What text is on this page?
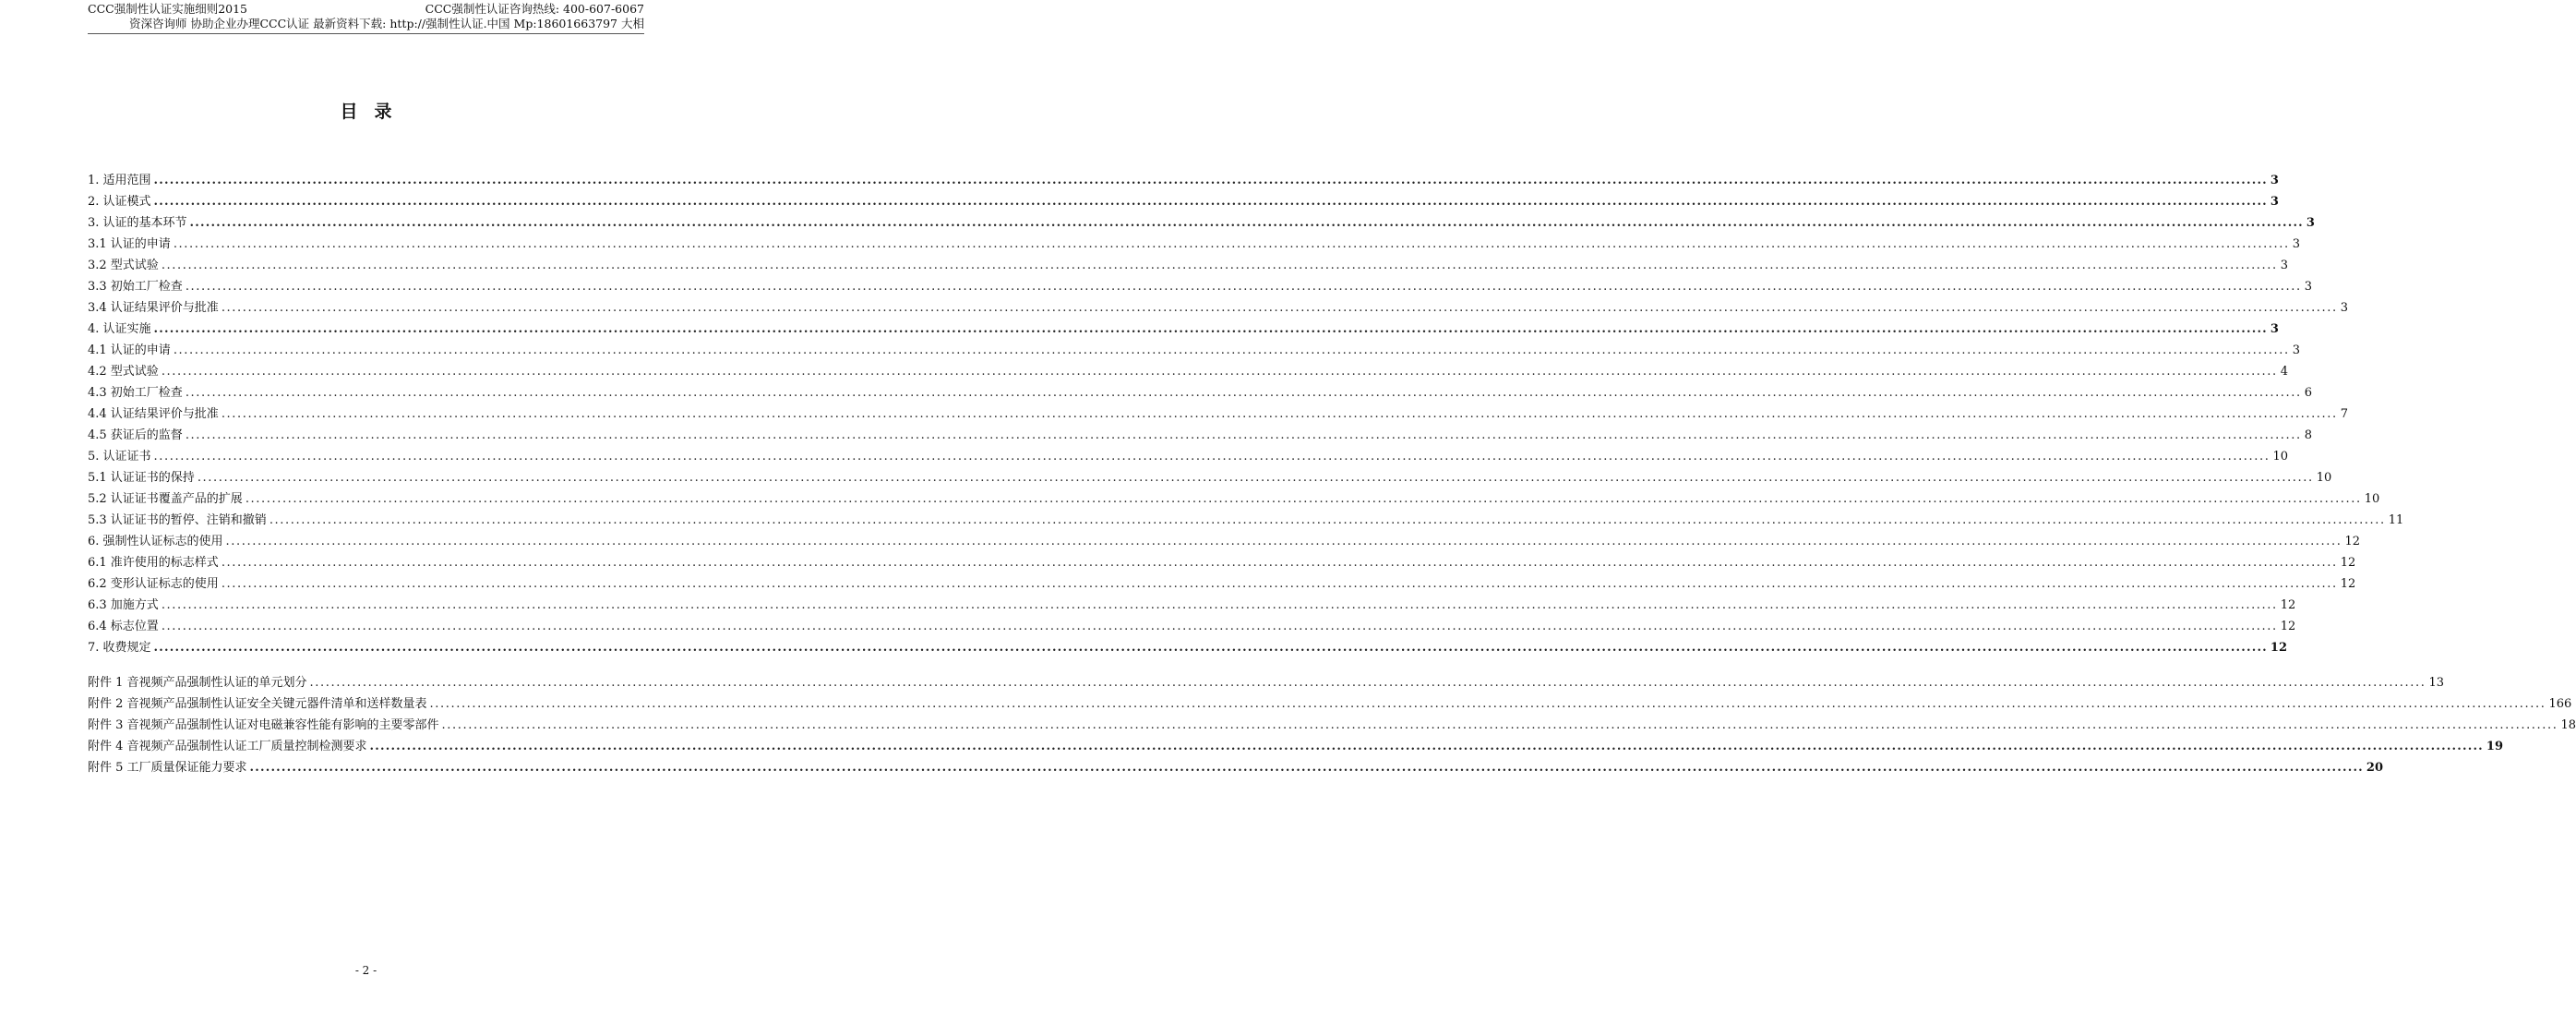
CCC强制性认证实施细则2015	CCC强制性认证咨询热线: 400-607-6067
资深咨询师 协助企业办理CCC认证 最新资料下载: http://强制性认证.中国 Mp:18601663797 大相
目录
1. 适用范围 ................................................................................................................................................................................................................................................................................................................................................................................................................ 3
2. 认证模式 ................................................................................................................................................................................................................................................................................................................................................................................................................ 3
3. 认证的基本环节 ................................................................................................................................................................................................................................................................................................................................................................................................................ 3
3.1 认证的申请 ................................................................................................................................................................................................................................................................................................................................................................................................................ 3
3.2 型式试验 ................................................................................................................................................................................................................................................................................................................................................................................................................ 3
3.3 初始工厂检查 ................................................................................................................................................................................................................................................................................................................................................................................................................ 3
3.4 认证结果评价与批准 ................................................................................................................................................................................................................................................................................................................................................................................................................ 3
4. 认证实施 ................................................................................................................................................................................................................................................................................................................................................................................................................ 3
4.1 认证的申请 ................................................................................................................................................................................................................................................................................................................................................................................................................ 3
4.2 型式试验 ................................................................................................................................................................................................................................................................................................................................................................................................................ 4
4.3 初始工厂检查 ................................................................................................................................................................................................................................................................................................................................................................................................................ 6
4.4 认证结果评价与批准 ................................................................................................................................................................................................................................................................................................................................................................................................................ 7
4.5 获证后的监督 ................................................................................................................................................................................................................................................................................................................................................................................................................ 8
5. 认证证书 ................................................................................................................................................................................................................................................................................................................................................................................................................ 10
5.1 认证证书的保持 ................................................................................................................................................................................................................................................................................................................................................................................................................ 10
5.2 认证证书覆盖产品的扩展 ................................................................................................................................................................................................................................................................................................................................................................................................................ 10
5.3 认证证书的暂停、注销和撤销 ................................................................................................................................................................................................................................................................................................................................................................................................................ 11
6. 强制性认证标志的使用 ................................................................................................................................................................................................................................................................................................................................................................................................................ 12
6.1 准许使用的标志样式 ................................................................................................................................................................................................................................................................................................................................................................................................................ 12
6.2 变形认证标志的使用 ................................................................................................................................................................................................................................................................................................................................................................................................................ 12
6.3 加施方式 ................................................................................................................................................................................................................................................................................................................................................................................................................ 12
6.4 标志位置 ................................................................................................................................................................................................................................................................................................................................................................................................................ 12
7. 收费规定 ................................................................................................................................................................................................................................................................................................................................................................................................................ 12
附件 1 音视频产品强制性认证的单元划分 ................................................................................................................................................................................................................................................................................................................................................................................................................ 13
附件 2 音视频产品强制性认证安全关键元器件清单和送样数量表 ................................................................................................................................................................................................................................................................................................................................................................................................................ 166
附件 3 音视频产品强制性认证对电磁兼容性能有影响的主要零部件 ................................................................................................................................................................................................................................................................................................................................................................................................................ 18
附件 4 音视频产品强制性认证工厂质量控制检测要求 ................................................................................................................................................................................................................................................................................................................................................................................................................ 19
附件 5 工厂质量保证能力要求 ................................................................................................................................................................................................................................................................................................................................................................................................................ 20
- 2 -
